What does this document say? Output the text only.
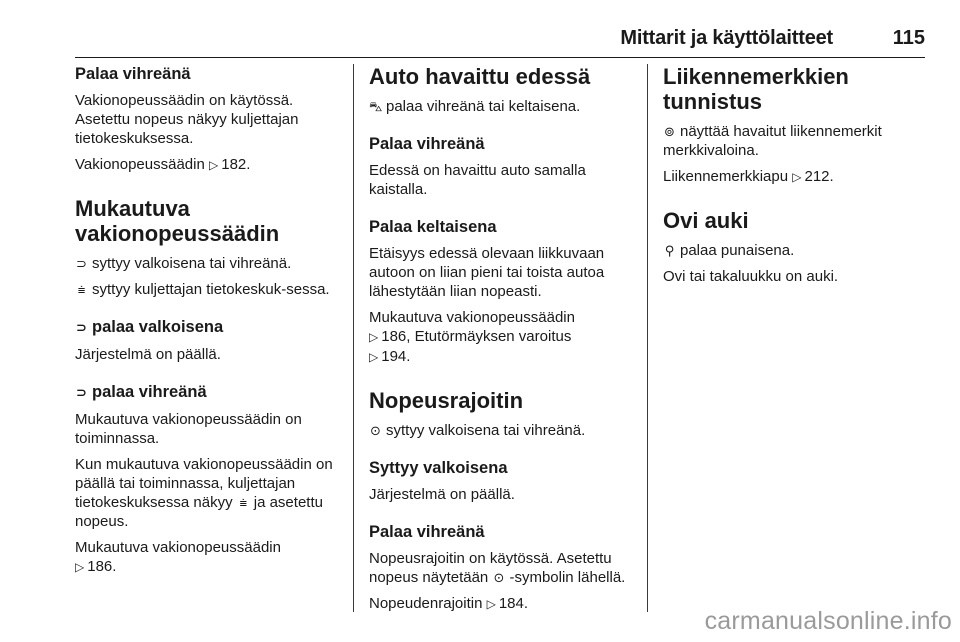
Mittarit ja käyttölaitteet	115
Palaa vihreänä
Vakionopeussäädin on käytössä. Asetettu nopeus näkyy kuljettajan tietokeskuksessa.
Vakionopeussäädin ▷ 182.
Mukautuva vakionopeussäädin
⊃ syttyy valkoisena tai vihreänä.
⩧ syttyy kuljettajan tietokeskuk‐sessa.
⊃ palaa valkoisena
Järjestelmä on päällä.
⊃ palaa vihreänä
Mukautuva vakionopeussäädin on toiminnassa.
Kun mukautuva vakionopeussäädin on päällä tai toiminnassa, kuljettajan tietokeskuksessa näkyy ⩧ ja asetettu nopeus.
Mukautuva vakionopeussäädin
▷ 186.
Auto havaittu edessä
⛍ palaa vihreänä tai keltaisena.
Palaa vihreänä
Edessä on havaittu auto samalla kaistalla.
Palaa keltaisena
Etäisyys edessä olevaan liikkuvaan autoon on liian pieni tai toista autoa lähestytään liian nopeasti.
Mukautuva vakionopeussäädin
▷ 186, Etutörmäyksen varoitus
▷ 194.
Nopeusrajoitin
⊙ syttyy valkoisena tai vihreänä.
Syttyy valkoisena
Järjestelmä on päällä.
Palaa vihreänä
Nopeusrajoitin on käytössä. Asetettu nopeus näytetään ⊙ -symbolin lähellä.
Nopeudenrajoitin ▷ 184.
Liikennemerkkien tunnistus
⊚ näyttää havaitut liikennemerkit merkkivaloina.
Liikennemerkkiapu ▷ 212.
Ovi auki
⚲ palaa punaisena.
Ovi tai takaluukku on auki.
carmanualsonline.info
